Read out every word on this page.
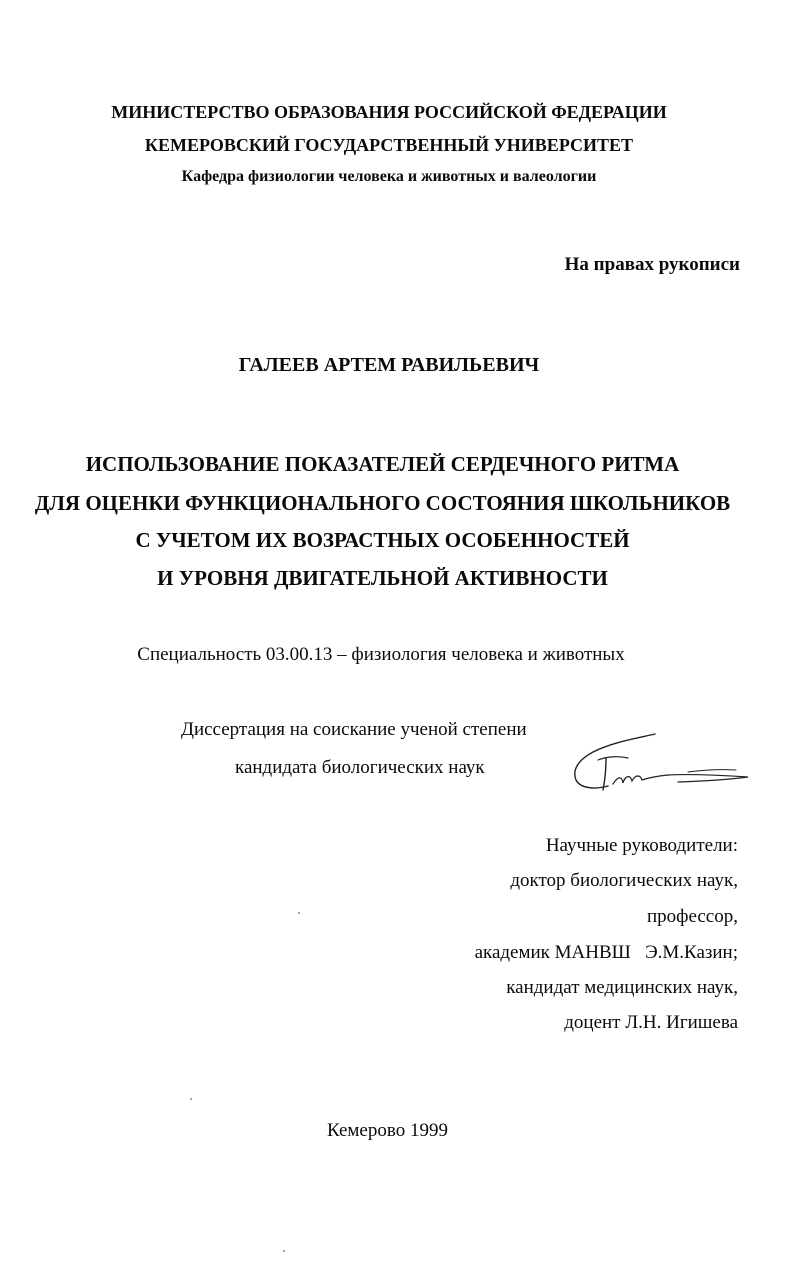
МИНИСТЕРСТВО ОБРАЗОВАНИЯ РОССИЙСКОЙ ФЕДЕРАЦИИ
КЕМЕРОВСКИЙ ГОСУДАРСТВЕННЫЙ УНИВЕРСИТЕТ
Кафедра физиологии человека и животных и валеологии
На правах рукописи
ГАЛЕЕВ АРТЕМ РАВИЛЬЕВИЧ
ИСПОЛЬЗОВАНИЕ ПОКАЗАТЕЛЕЙ СЕРДЕЧНОГО РИТМА
ДЛЯ ОЦЕНКИ ФУНКЦИОНАЛЬНОГО СОСТОЯНИЯ ШКОЛЬНИКОВ
С УЧЕТОМ ИХ ВОЗРАСТНЫХ ОСОБЕННОСТЕЙ
И УРОВНЯ ДВИГАТЕЛЬНОЙ АКТИВНОСТИ
Специальность 03.00.13 – физиология человека и животных
Диссертация на соискание ученой степени
кандидата биологических наук
Научные руководители:
доктор биологических наук,
профессор,
академик МАНВШ   Э.М.Казин;
кандидат медицинских наук,
доцент Л.Н. Игишева
Кемерово 1999
